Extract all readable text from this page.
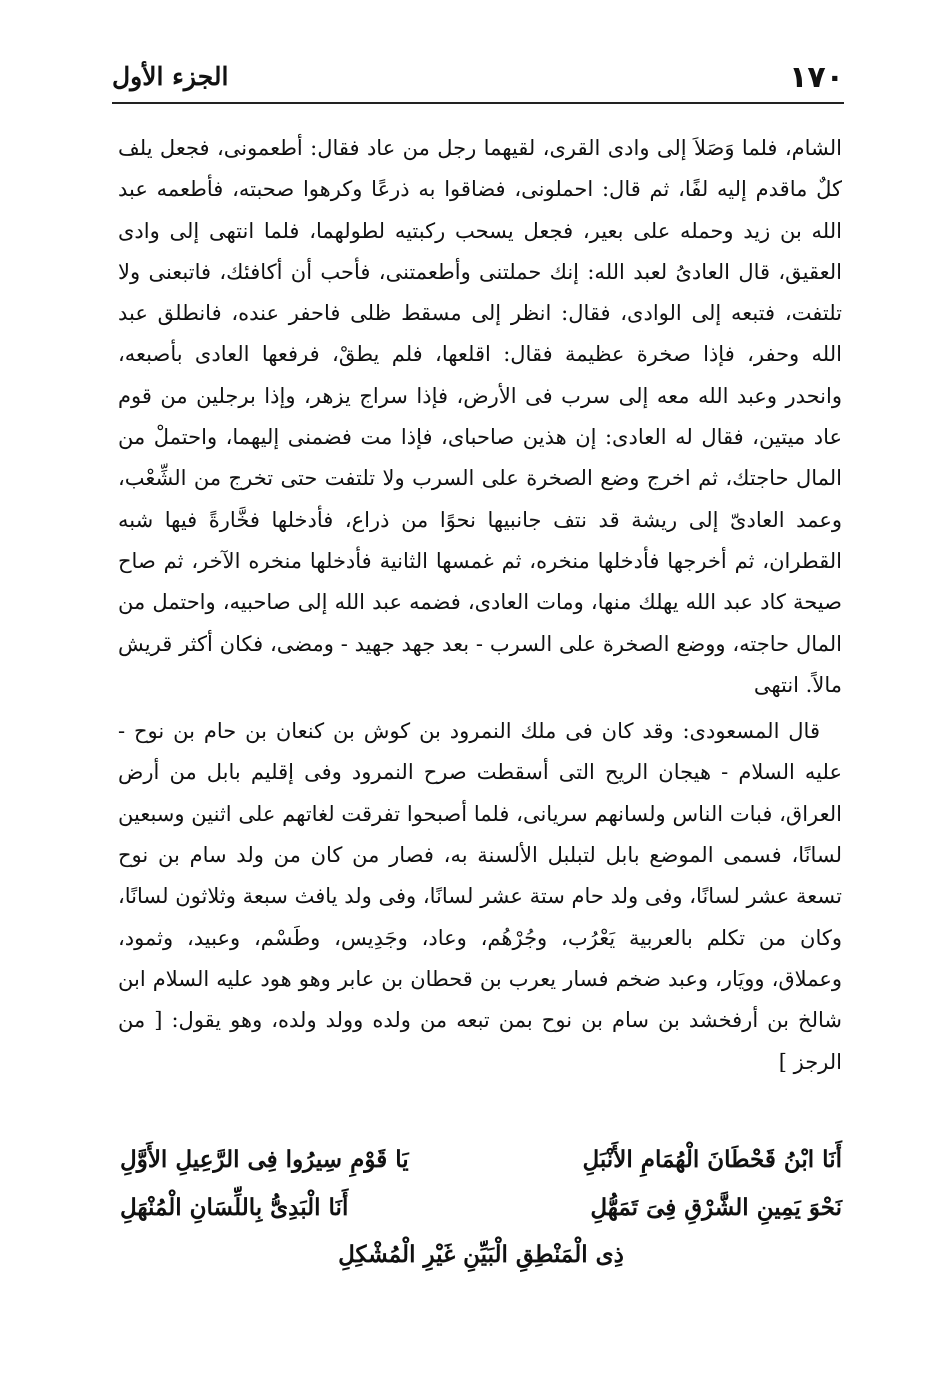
١٧٠
الجزء الأول

الشام، فلما وَصَلاَ إلى وادى القرى، لقيهما رجل من عاد فقال: أطعمونى، فجعل يلف كلٌ ماقدم إليه لفًا، ثم قال: احملونى، فضاقوا به ذرعًا وكرهوا صحبته، فأطعمه عبد الله بن زيد وحمله على بعير، فجعل يسحب ركبتيه لطولهما، فلما انتهى إلى وادى العقيق، قال العادىُ لعبد الله: إنك حملتنى وأطعمتنى، فأحب أن أكافئك، فاتبعنى ولا تلتفت، فتبعه إلى الوادى، فقال: انظر إلى مسقط ظلى فاحفر عنده، فانطلق عبد الله وحفر، فإذا صخرة عظيمة فقال: اقلعها، فلم يطقْ، فرفعها العادى بأصبعه، وانحدر وعبد الله معه إلى سرب فى الأرض، فإذا سراج يزهر، وإذا برجلين من قوم عاد ميتين، فقال له العادى: إن هذين صاحباى، فإذا مت فضمنى إليهما، واحتملْ من المال حاجتك، ثم اخرج وضع الصخرة على السرب ولا تلتفت حتى تخرج من الشِّعْب، وعمد العادىّ إلى ريشة قد نتف جانبيها نحوًا من ذراع، فأدخلها فخَّارةً فيها شبه القطران، ثم أخرجها فأدخلها منخره، ثم غمسها الثانية فأدخلها منخره الآخر، ثم صاح صيحة كاد عبد الله يهلك منها، ومات العادى، فضمه عبد الله إلى صاحبيه، واحتمل من المال حاجته، ووضع الصخرة على السرب - بعد جهد جهيد - ومضى، فكان أكثر قريش مالاً. انتهى

قال المسعودى: وقد كان فى ملك النمرود بن كوش بن كنعان بن حام بن نوح - عليه السلام - هيجان الريح التى أسقطت صرح النمرود وفى إقليم بابل من أرض العراق، فبات الناس ولسانهم سريانى، فلما أصبحوا تفرقت لغاتهم على اثنين وسبعين لسانًا، فسمى الموضع بابل لتبلبل الألسنة به، فصار من كان من ولد سام بن نوح تسعة عشر لسانًا، وفى ولد حام ستة عشر لسانًا، وفى ولد يافث سبعة وثلاثون لسانًا، وكان من تكلم بالعربية يَعْرُب، وجُرْهُم، وعاد، وجَدِيس، وطَسْم، وعبيد، وثمود، وعملاق، وويَار، وعبد ضخم فسار يعرب بن قحطان بن عابر وهو هود عليه السلام ابن شالخ بن أرفخشد بن سام بن نوح بمن تبعه من ولده وولد ولده، وهو يقول: [ من الرجز ]

أَنَا ابْنُ قَحْطَانَ الْهُمَامِ الأَنْبَلِ
يَا قَوْمِ سِيرُوا فِى الرَّعِيلِ الأَوَّلِ
نَحْوَ يَمِينِ الشَّرْقِ فِىَ تَمَهُّلِ
أَنَا الْبَدِىُّ بِاللِّسَانِ الْمُنْهَلِ
ذِى الْمَنْطِقِ الْبَيِّنِ غَيْرِ الْمُشْكِلِ
